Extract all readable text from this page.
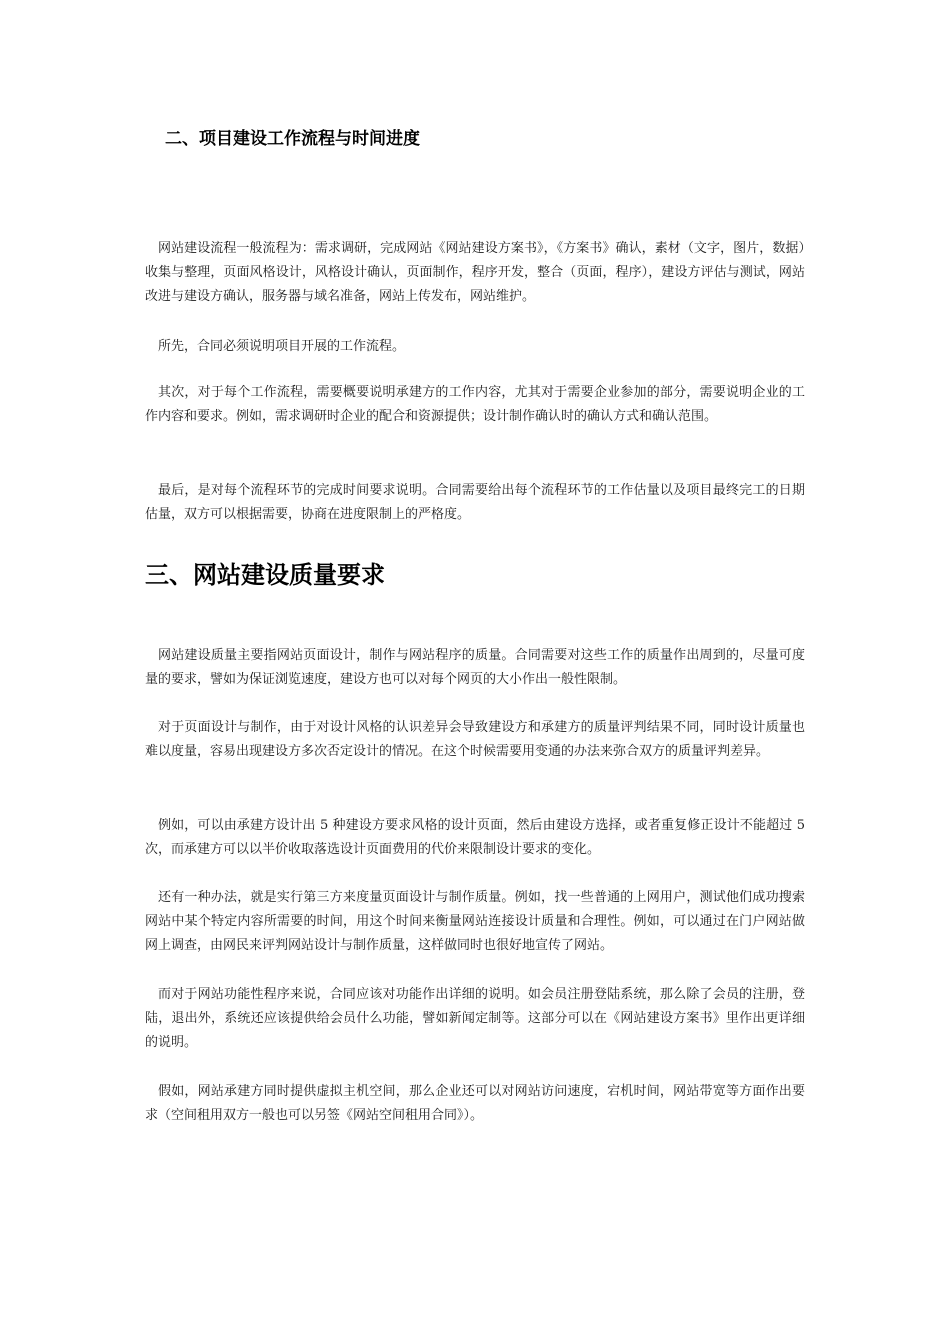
二、项目建设工作流程与时间进度

网站建设流程一般流程为：需求调研，完成网站《网站建设方案书》，《方案书》确认，素材（文字，图片，数据）收集与整理，页面风格设计，风格设计确认，页面制作，程序开发，整合（页面，程序），建设方评估与测试，网站改进与建设方确认，服务器与域名准备，网站上传发布，网站维护。

所先，合同必须说明项目开展的工作流程。

其次，对于每个工作流程，需要概要说明承建方的工作内容，尤其对于需要企业参加的部分，需要说明企业的工作内容和要求。例如，需求调研时企业的配合和资源提供；设计制作确认时的确认方式和确认范围。

最后，是对每个流程环节的完成时间要求说明。合同需要给出每个流程环节的工作估量以及项目最终完工的日期估量，双方可以根据需要，协商在进度限制上的严格度。

三、网站建设质量要求

网站建设质量主要指网站页面设计，制作与网站程序的质量。合同需要对这些工作的质量作出周到的，尽量可度量的要求，譬如为保证浏览速度，建设方也可以对每个网页的大小作出一般性限制。

对于页面设计与制作，由于对设计风格的认识差异会导致建设方和承建方的质量评判结果不同，同时设计质量也难以度量，容易出现建设方多次否定设计的情况。在这个时候需要用变通的办法来弥合双方的质量评判差异。

例如，可以由承建方设计出 5 种建设方要求风格的设计页面，然后由建设方选择，或者重复修正设计不能超过 5 次，而承建方可以以半价收取落选设计页面费用的代价来限制设计要求的变化。

还有一种办法，就是实行第三方来度量页面设计与制作质量。例如，找一些普通的上网用户，测试他们成功搜索网站中某个特定内容所需要的时间，用这个时间来衡量网站连接设计质量和合理性。例如，可以通过在门户网站做网上调查，由网民来评判网站设计与制作质量，这样做同时也很好地宣传了网站。

而对于网站功能性程序来说，合同应该对功能作出详细的说明。如会员注册登陆系统，那么除了会员的注册，登陆，退出外，系统还应该提供给会员什么功能，譬如新闻定制等。这部分可以在《网站建设方案书》里作出更详细的说明。

假如，网站承建方同时提供虚拟主机空间，那么企业还可以对网站访问速度，宕机时间，网站带宽等方面作出要求（空间租用双方一般也可以另签《网站空间租用合同》）。
